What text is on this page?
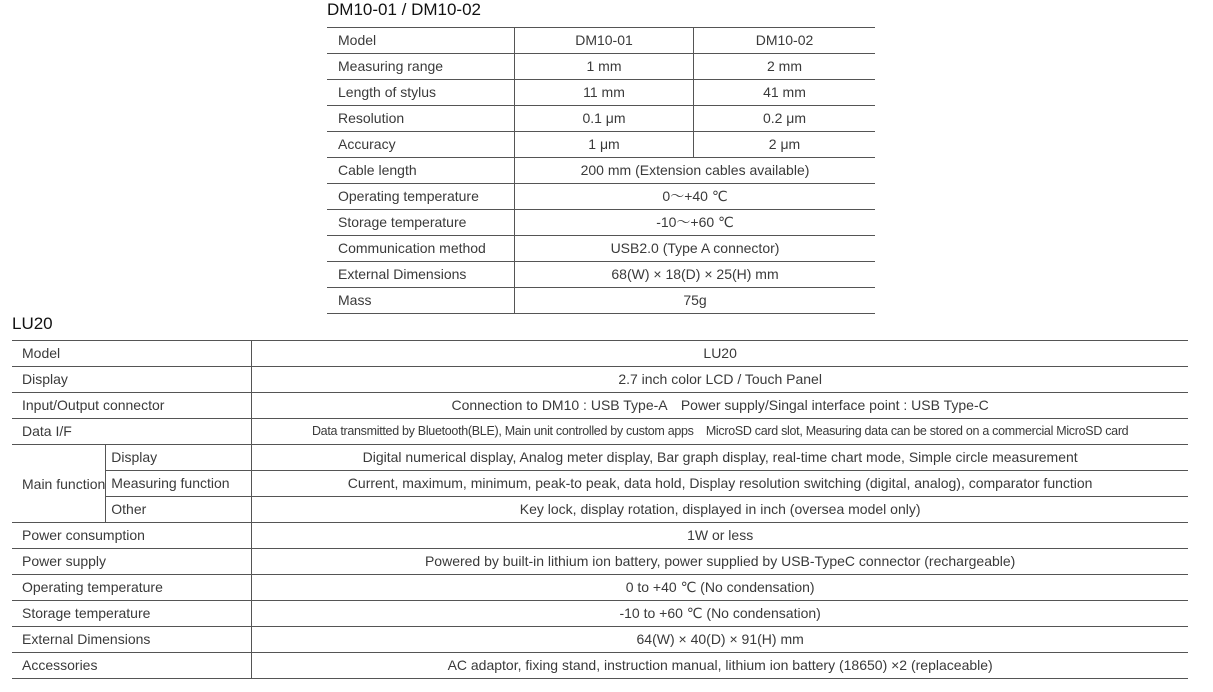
DM10-01 / DM10-02
Model	DM10-01	DM10-02
Measuring range	1 mm	2 mm
Length of stylus	11 mm	41 mm
Resolution	0.1 μm	0.2 μm
Accuracy	1 μm	2 μm
Cable length	200 mm (Extension cables available)	
Operating temperature	0〜+40 ℃	
Storage temperature	-10〜+60 ℃	
Communication method	USB2.0 (Type A connector)	
External Dimensions	68(W) × 18(D) × 25(H) mm	
Mass	75g	
LU20
Model		LU20
Display		2.7 inch color LCD / Touch Panel
Input/Output connector		Connection to DM10 : USB Type-A　Power supply/Singal interface point : USB Type-C
Data I/F		Data transmitted by Bluetooth(BLE), Main unit controlled by custom apps　MicroSD card slot, Measuring data can be stored on a commercial MicroSD card
Main function	Display	Digital numerical display, Analog meter display, Bar graph display, real-time chart mode, Simple circle measurement
	Measuring function	Current, maximum, minimum, peak-to peak, data hold, Display resolution switching (digital, analog), comparator function
	Other	Key lock, display rotation, displayed in inch (oversea model only)
Power consumption		1W or less
Power supply		Powered by built-in lithium ion battery, power supplied by USB-TypeC connector (rechargeable)
Operating temperature		0 to +40 ℃ (No condensation)
Storage temperature		-10 to +60 ℃ (No condensation)
External Dimensions		64(W) × 40(D) × 91(H) mm
Accessories		AC adaptor, fixing stand, instruction manual, lithium ion battery (18650) ×2 (replaceable)
